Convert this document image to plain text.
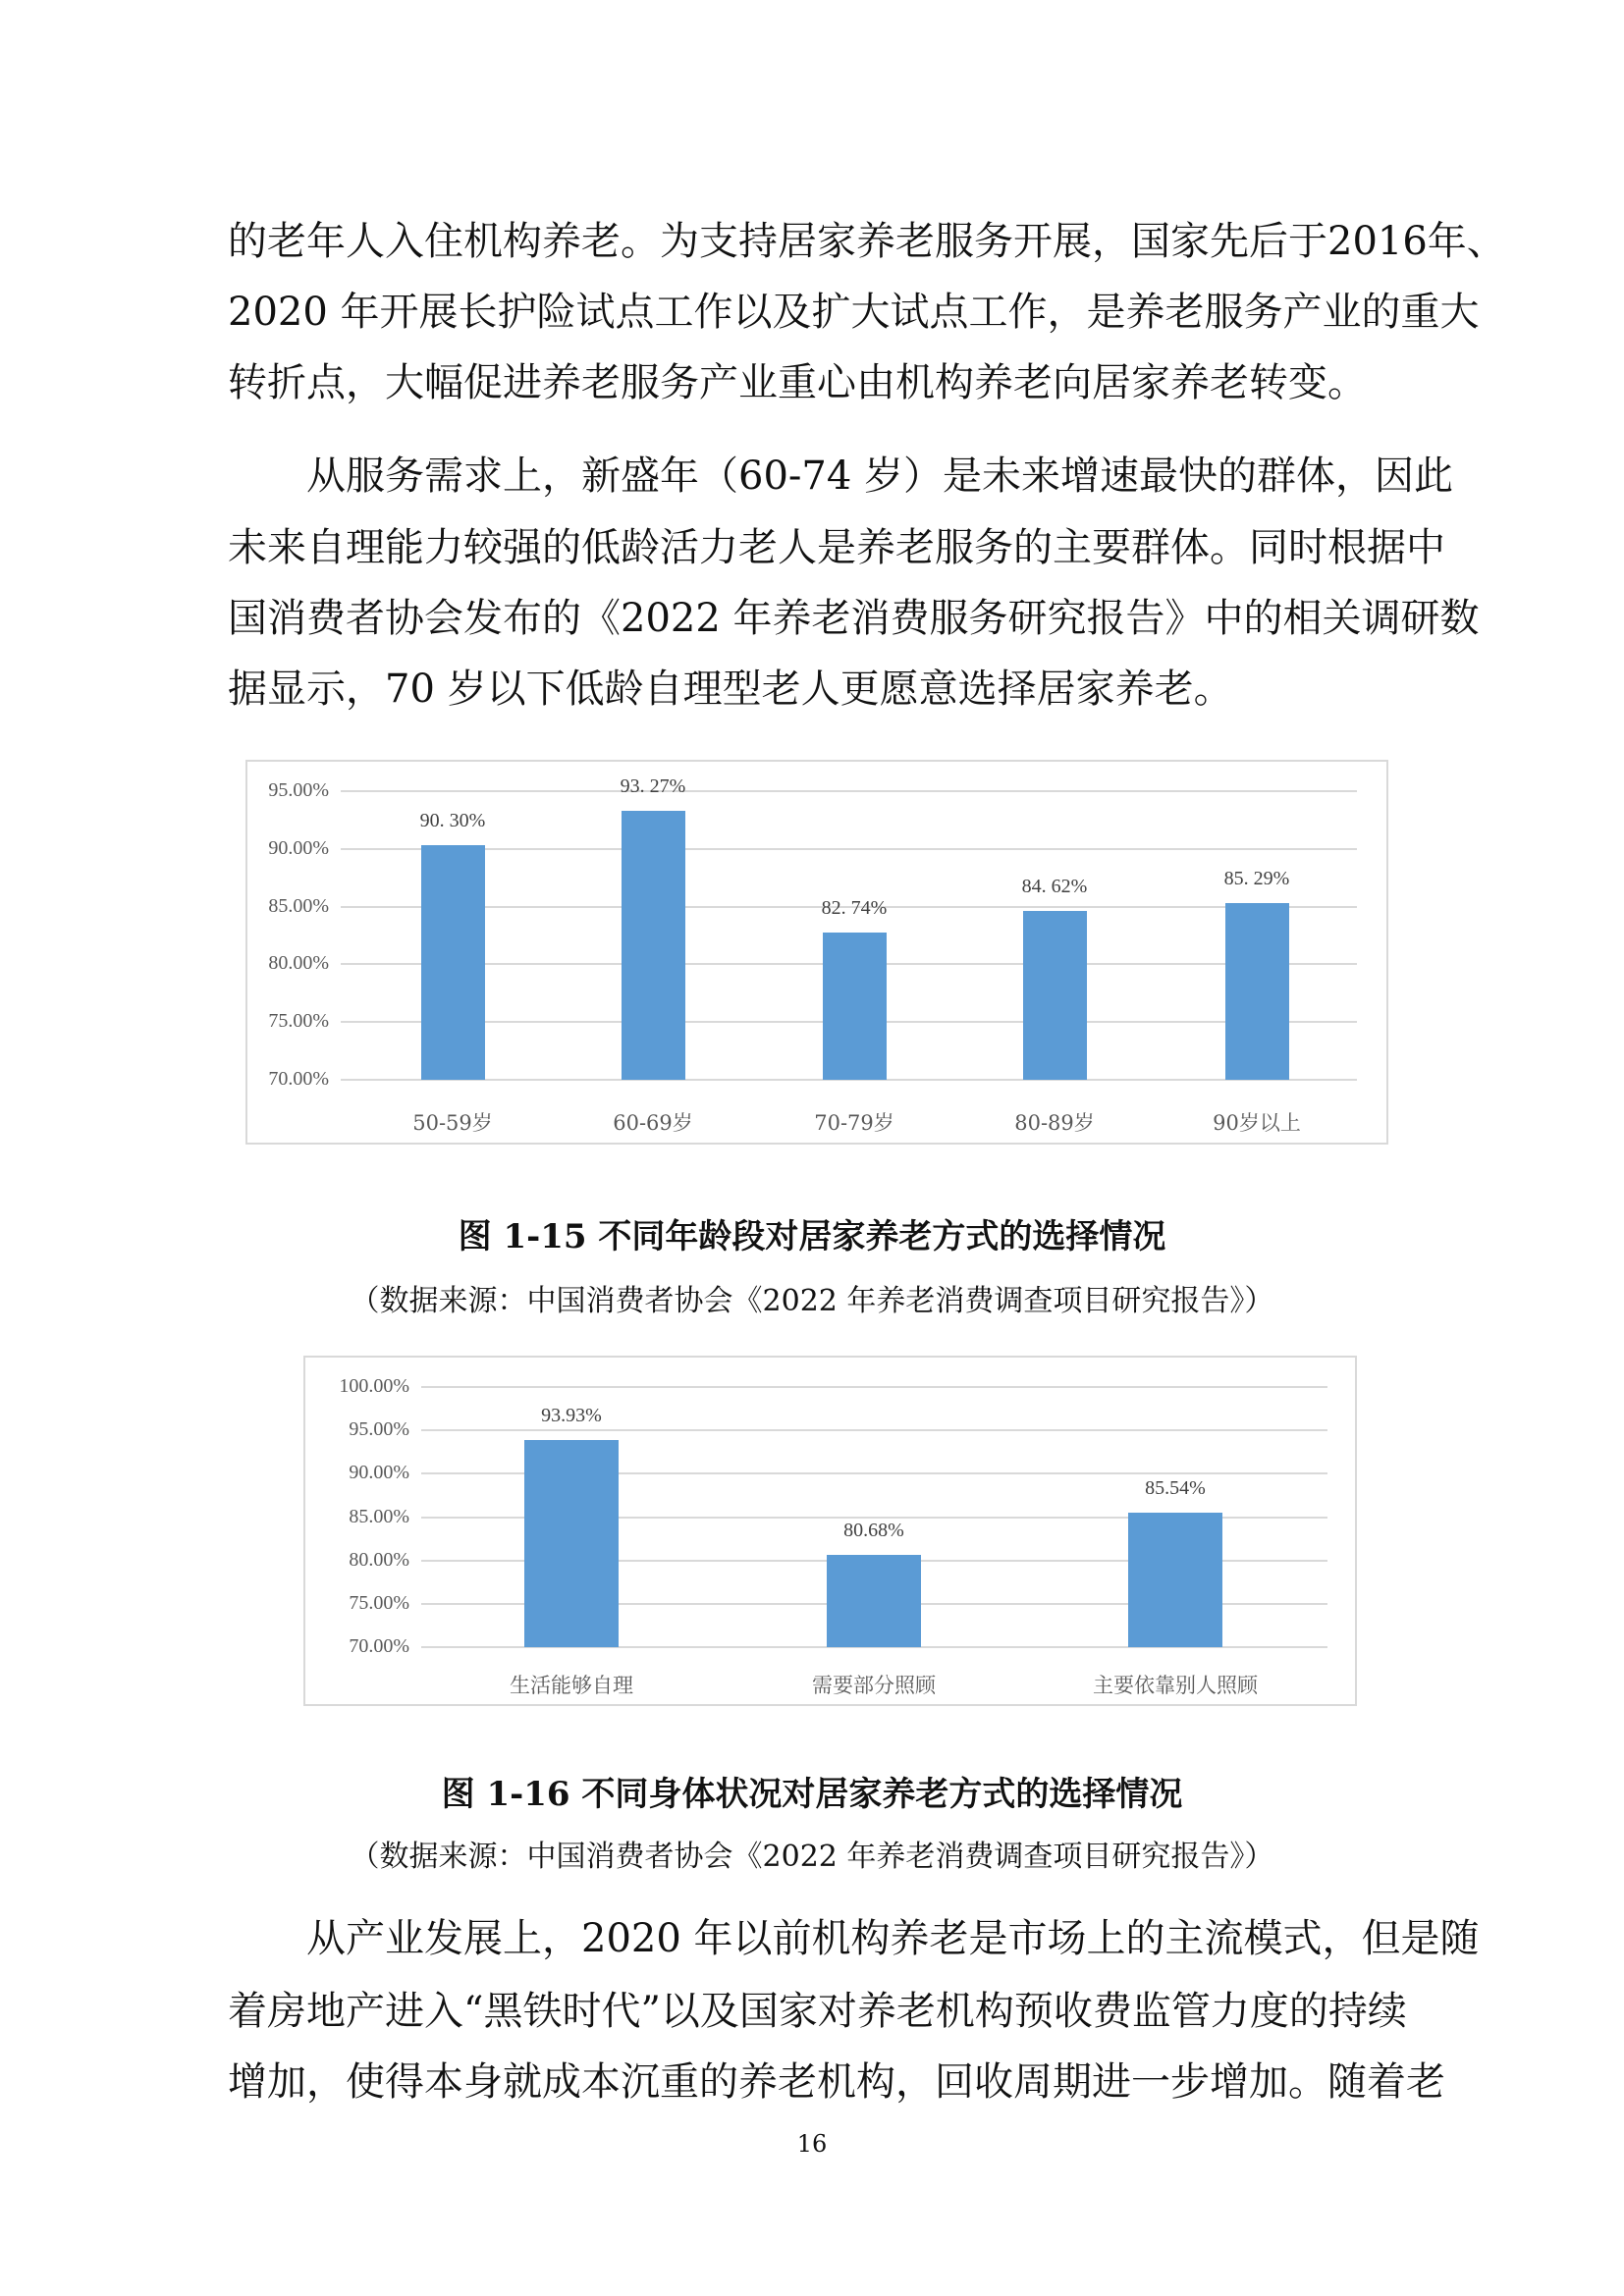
的老年人入住机构养老。为支持居家养老服务开展，国家先后于2016年、
2020 年开展长护险试点工作以及扩大试点工作，是养老服务产业的重大
转折点，大幅促进养老服务产业重心由机构养老向居家养老转变。
从服务需求上，新盛年（60-74 岁）是未来增速最快的群体，因此
未来自理能力较强的低龄活力老人是养老服务的主要群体。同时根据中
国消费者协会发布的《2022 年养老消费服务研究报告》中的相关调研数
据显示，70 岁以下低龄自理型老人更愿意选择居家养老。
70.00%
75.00%
80.00%
85.00%
90.00%
95.00%
90. 30%
50-59岁
93. 27%
60-69岁
82. 74%
70-79岁
84. 62%
80-89岁
85. 29%
90岁以上
图 1-15 不同年龄段对居家养老方式的选择情况
（数据来源：中国消费者协会《2022 年养老消费调查项目研究报告》）
70.00%
75.00%
80.00%
85.00%
90.00%
95.00%
100.00%
93.93%
生活能够自理
80.68%
需要部分照顾
85.54%
主要依靠别人照顾
图 1-16 不同身体状况对居家养老方式的选择情况
（数据来源：中国消费者协会《2022 年养老消费调查项目研究报告》）
从产业发展上，2020 年以前机构养老是市场上的主流模式，但是随
着房地产进入“黑铁时代”以及国家对养老机构预收费监管力度的持续
增加，使得本身就成本沉重的养老机构，回收周期进一步增加。随着老
16
